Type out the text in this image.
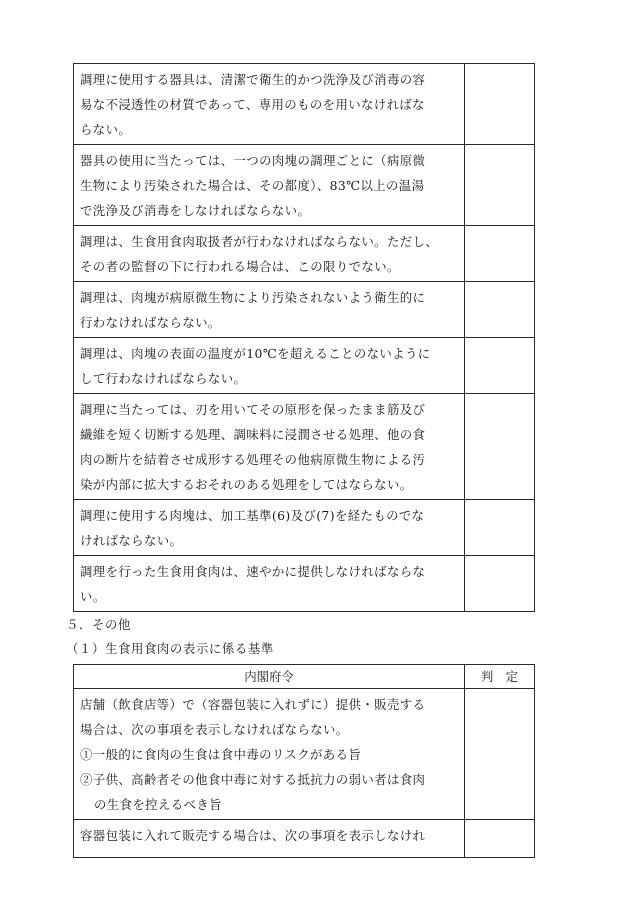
調理に使用する器具は、清潔で衛生的かつ洗浄及び消毒の容
易な不浸透性の材質であって、専用のものを用いなければな
らない。	

器具の使用に当たっては、一つの肉塊の調理ごとに（病原微
生物により汚染された場合は、その都度）、83℃以上の温湯
で洗浄及び消毒をしなければならない。	

調理は、生食用食肉取扱者が行わなければならない。ただし、
その者の監督の下に行われる場合は、この限りでない。	

調理は、肉塊が病原微生物により汚染されないよう衛生的に
行わなければならない。	

調理は、肉塊の表面の温度が10℃を超えることのないように
して行わなければならない。	

調理に当たっては、刃を用いてその原形を保ったまま筋及び
繊維を短く切断する処理、調味料に浸潤させる処理、他の食
肉の断片を結着させ成形する処理その他病原微生物による汚
染が内部に拡大するおそれのある処理をしてはならない。	

調理に使用する肉塊は、加工基準(6)及び(7)を経たものでな
ければならない。	

調理を行った生食用食肉は、速やかに提供しなければならな
い。	

５．その他
（１）生食用食肉の表示に係る基準
内閣府令	判　定

店舗（飲食店等）で（容器包装に入れずに）提供・販売する
場合は、次の事項を表示しなければならない。
①一般的に食肉の生食は食中毒のリスクがある旨
②子供、高齢者その他食中毒に対する抵抗力の弱い者は食肉
の生食を控えるべき旨	

容器包装に入れて販売する場合は、次の事項を表示しなけれ	
